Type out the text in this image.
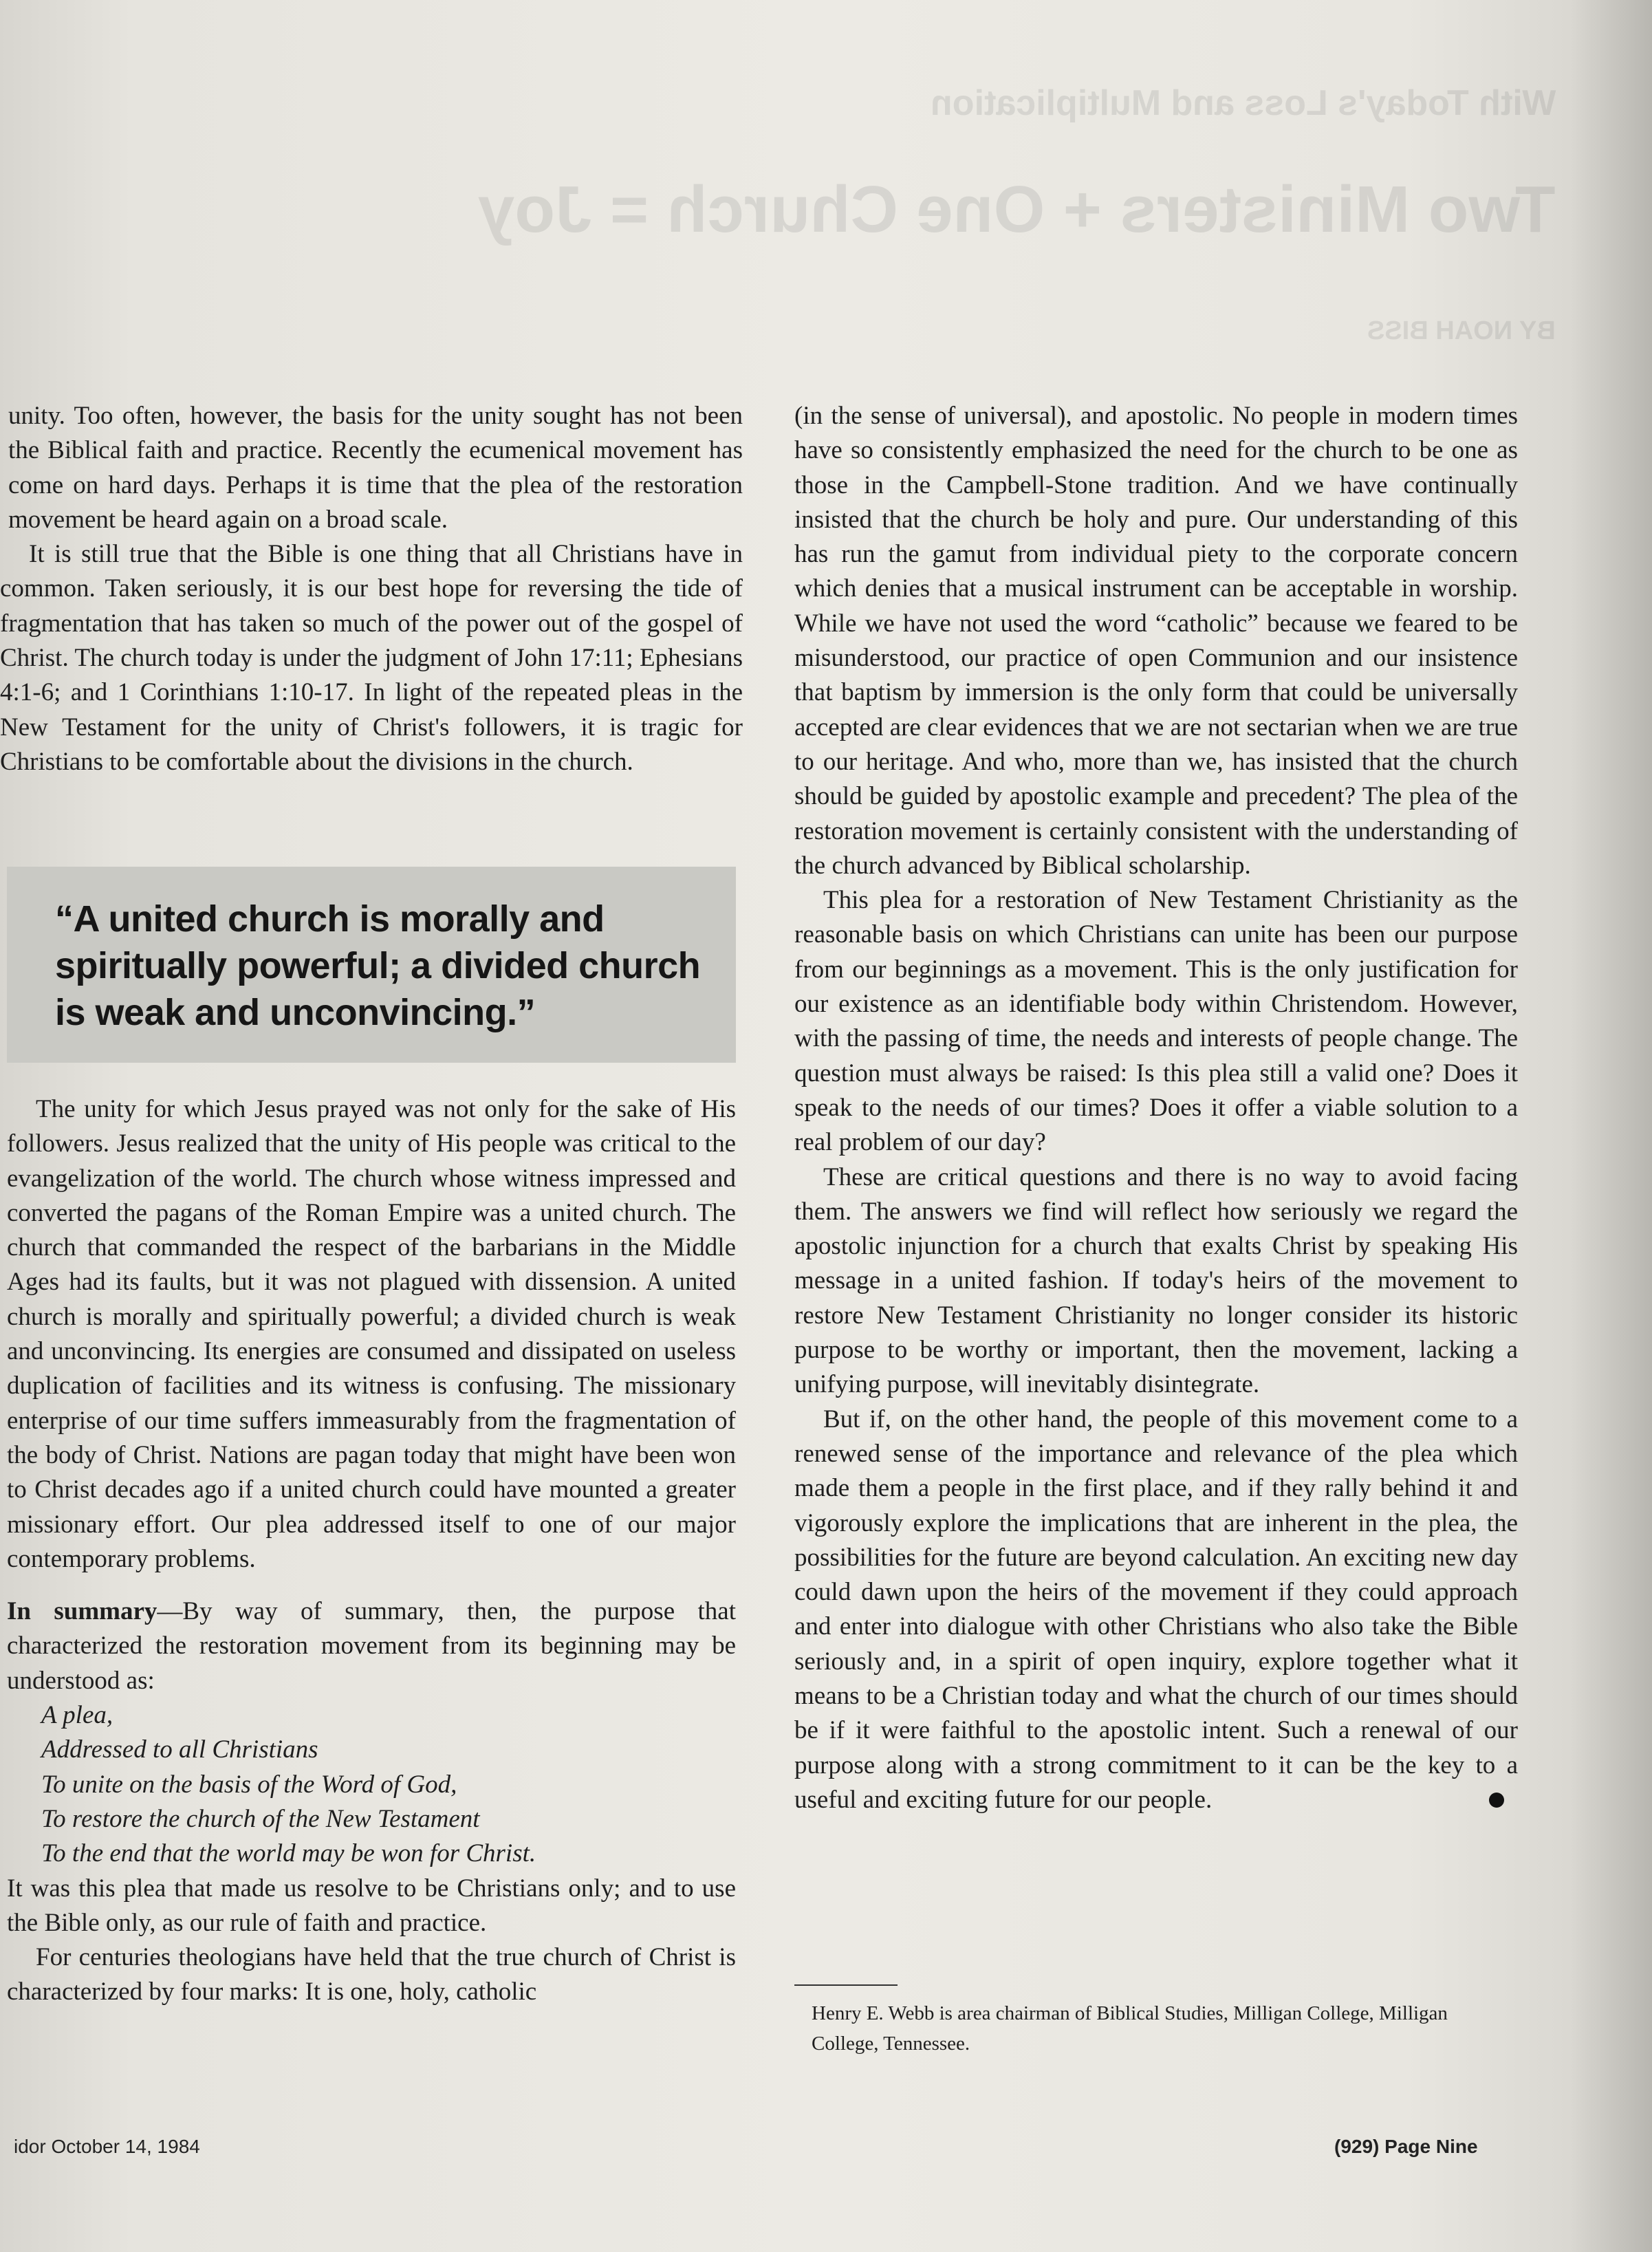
With Today's Loss and Multiplication
Two Ministers + One Church = Joy
BY NOAH BISS

unity. Too often, however, the basis for the unity sought has not been the Biblical faith and practice. Recently the ecumenical movement has come on hard days. Perhaps it is time that the plea of the restoration movement be heard again on a broad scale.

It is still true that the Bible is one thing that all Christians have in common. Taken seriously, it is our best hope for reversing the tide of fragmentation that has taken so much of the power out of the gospel of Christ. The church today is under the judgment of John 17:11; Ephesians 4:1-6; and 1 Corinthians 1:10-17. In light of the repeated pleas in the New Testament for the unity of Christ's followers, it is tragic for Christians to be comfortable about the divisions in the church.

“A united church is morally and spiritually powerful; a divided church is weak and unconvincing.”

The unity for which Jesus prayed was not only for the sake of His followers. Jesus realized that the unity of His people was critical to the evangelization of the world. The church whose witness impressed and converted the pagans of the Roman Empire was a united church. The church that commanded the respect of the barbarians in the Middle Ages had its faults, but it was not plagued with dissension. A united church is morally and spiritually powerful; a divided church is weak and unconvincing. Its energies are consumed and dissipated on useless duplication of facilities and its witness is confusing. The missionary enterprise of our time suffers immeasurably from the fragmentation of the body of Christ. Nations are pagan today that might have been won to Christ decades ago if a united church could have mounted a greater missionary effort. Our plea addressed itself to one of our major contemporary problems.

In summary—By way of summary, then, the purpose that characterized the restoration movement from its beginning may be understood as:

A plea,
Addressed to all Christians
To unite on the basis of the Word of God,
To restore the church of the New Testament
To the end that the world may be won for Christ.

It was this plea that made us resolve to be Christians only; and to use the Bible only, as our rule of faith and practice.

For centuries theologians have held that the true church of Christ is characterized by four marks: It is one, holy, catholic

(in the sense of universal), and apostolic. No people in modern times have so consistently emphasized the need for the church to be one as those in the Campbell-Stone tradition. And we have continually insisted that the church be holy and pure. Our understanding of this has run the gamut from individual piety to the corporate concern which denies that a musical instrument can be acceptable in worship. While we have not used the word “catholic” because we feared to be misunderstood, our practice of open Communion and our insistence that baptism by immersion is the only form that could be universally accepted are clear evidences that we are not sectarian when we are true to our heritage. And who, more than we, has insisted that the church should be guided by apostolic example and precedent? The plea of the restoration movement is certainly consistent with the understanding of the church advanced by Biblical scholarship.

This plea for a restoration of New Testament Christianity as the reasonable basis on which Christians can unite has been our purpose from our beginnings as a movement. This is the only justification for our existence as an identifiable body within Christendom. However, with the passing of time, the needs and interests of people change. The question must always be raised: Is this plea still a valid one? Does it speak to the needs of our times? Does it offer a viable solution to a real problem of our day?

These are critical questions and there is no way to avoid facing them. The answers we find will reflect how seriously we regard the apostolic injunction for a church that exalts Christ by speaking His message in a united fashion. If today's heirs of the movement to restore New Testament Christianity no longer consider its historic purpose to be worthy or important, then the movement, lacking a unifying purpose, will inevitably disintegrate.

But if, on the other hand, the people of this movement come to a renewed sense of the importance and relevance of the plea which made them a people in the first place, and if they rally behind it and vigorously explore the implications that are inherent in the plea, the possibilities for the future are beyond calculation. An exciting new day could dawn upon the heirs of the movement if they could approach and enter into dialogue with other Christians who also take the Bible seriously and, in a spirit of open inquiry, explore together what it means to be a Christian today and what the church of our times should be if it were faithful to the apostolic intent. Such a renewal of our purpose along with a strong commitment to it can be the key to a useful and exciting future for our people.

Henry E. Webb is area chairman of Biblical Studies, Milligan College, Milligan College, Tennessee.
idor October 14, 1984	(929) Page Nine
